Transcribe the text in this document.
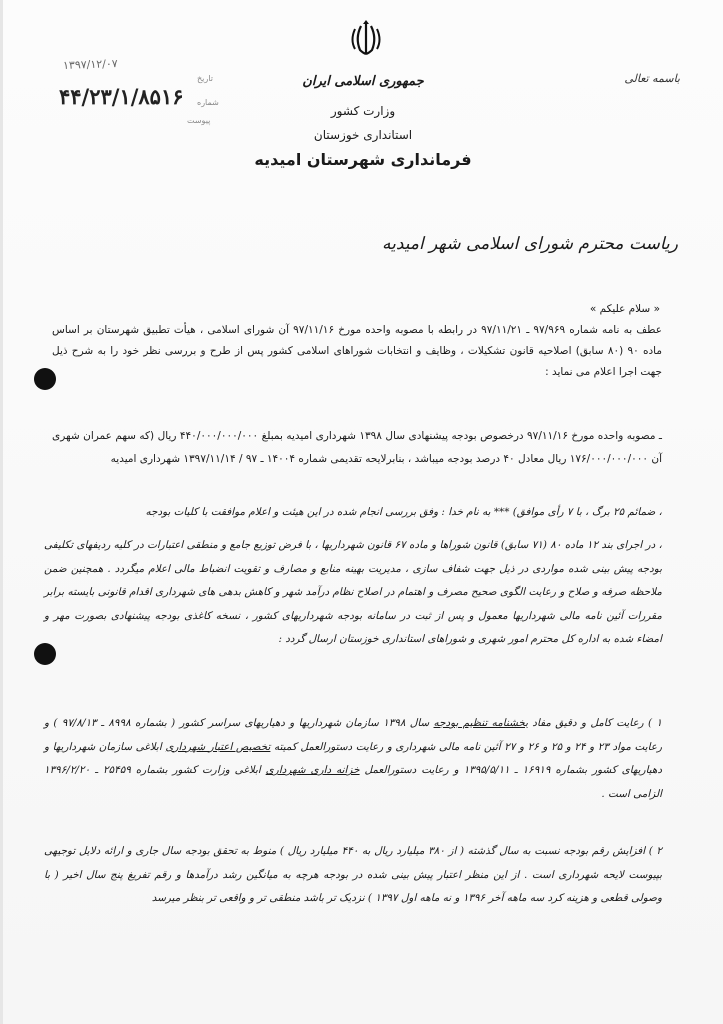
جمهوری اسلامی ایران
وزارت کشور
استانداری خوزستان
فرمانداری شهرستان امیدیه
باسمه تعالی
تاریخ
شماره
پیوست
۱۳۹۷/۱۲/۰۷
۴۴/۲۳/۱/۸۵۱۶
ریاست محترم شورای اسلامی شهر امیدیه
« سلام علیکم »
عطف به نامه شماره ۹۷/۹۶۹ ـ ۹۷/۱۱/۲۱ در رابطه با مصوبه واحده مورخ ۹۷/۱۱/۱۶ آن شورای اسلامی ، هیأت تطبیق شهرستان بر اساس ماده ۹۰ (۸۰ سابق) اصلاحیه قانون تشکیلات ، وظایف و انتخابات شوراهای اسلامی کشور پس از طرح و بررسی نظر خود را به شرح ذیل جهت اجرا اعلام می نماید :
ـ مصوبه واحده مورخ ۹۷/۱۱/۱۶ درخصوص بودجه پیشنهادی سال ۱۳۹۸ شهرداری امیدیه بمبلغ ۴۴۰/۰۰۰/۰۰۰/۰۰۰ ریال (که سهم عمران شهری آن ۱۷۶/۰۰۰/۰۰۰/۰۰۰ ریال معادل ۴۰ درصد بودجه میباشد ، بنابرلایحه تقدیمی شماره ۱۴۰۰۴ ـ ۹۷ / ۱۳۹۷/۱۱/۱۴ شهرداری امیدیه
، ضمائم ۲۵ برگ ، با ۷ رأی موافق) *** به نام خدا : وفق بررسی انجام شده در این هیئت و اعلام موافقت با کلیات بودجه
، در اجرای بند ۱۲ ماده ۸۰ (۷۱ سابق) قانون شوراها و ماده ۶۷ قانون شهرداریها ، با فرض توزیع جامع و منطقی اعتبارات در کلیه ردیفهای تکلیفی بودجه پیش بینی شده مواردی در ذیل جهت شفاف سازی ، مدیریت بهینه منابع و مصارف و تقویت انضباط مالی اعلام میگردد . همچنین ضمن ملاحظه صرفه و صلاح و رعایت الگوی صحیح مصرف و اهتمام در اصلاح نظام درآمد شهر و کاهش بدهی های شهرداری اقدام قانونی بایسته برابر مقررات آئین نامه مالی شهرداریها معمول و پس از ثبت در سامانه بودجه شهرداریهای کشور ، نسخه کاغذی بودجه پیشنهادی بصورت مهر و امضاء شده به اداره کل محترم امور شهری و شوراهای استانداری خوزستان ارسال گردد :
۱ ) رعایت کامل و دقیق مفاد بخشنامه تنظیم بودجه سال ۱۳۹۸ سازمان شهرداریها و دهیاریهای سراسر کشور ( بشماره ۸۹۹۸ ـ ۹۷/۸/۱۳ ) و رعایت مواد ۲۳ و ۲۴ و ۲۵ و ۲۶ و ۲۷ آئین نامه مالی شهرداری و رعایت دستورالعمل کمیته تخصیص اعتبار شهرداری ابلاغی سازمان شهرداریها و دهیاریهای کشور بشماره ۱۶۹۱۹ ـ ۱۳۹۵/۵/۱۱ و رعایت دستورالعمل خزانه داری شهرداری ابلاغی وزارت کشور بشماره ۲۵۴۵۹ ـ ۱۳۹۶/۲/۲۰ الزامی است .
۲ ) افزایش رقم بودجه نسبت به سال گذشته ( از ۳۸۰ میلیارد ریال به ۴۴۰ میلیارد ریال ) منوط به تحقق بودجه سال جاری و ارائه دلایل توجیهی بپیوست لایحه شهرداری است . از این منظر اعتبار پیش بینی شده در بودجه هرچه به میانگین رشد درآمدها و رقم تفریغ پنج سال اخیر ( با وصولی قطعی و هزینه کرد سه ماهه آخر ۱۳۹۶ و نه ماهه اول ۱۳۹۷ ) نزدیک تر باشد منطقی تر و واقعی تر بنظر میرسد
